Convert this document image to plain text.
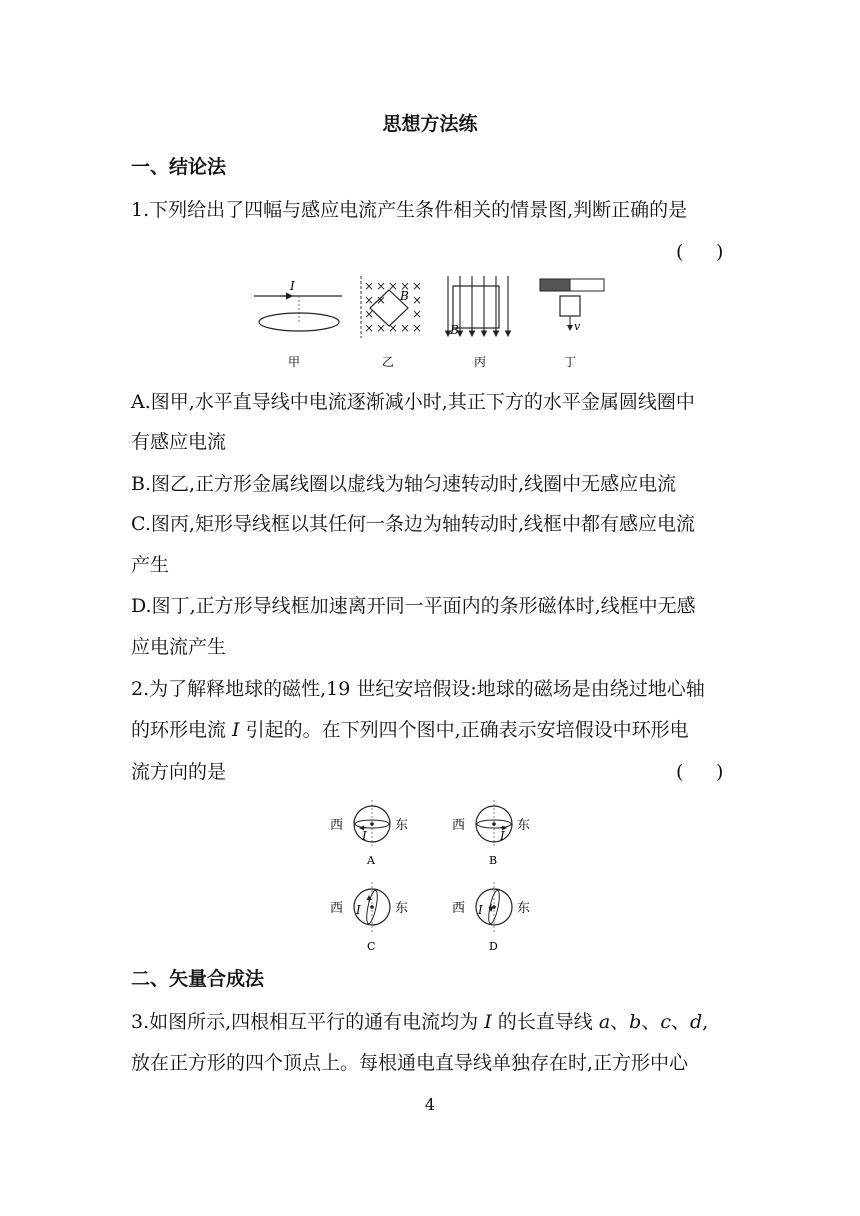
思想方法练
一、结论法
1.下列给出了四幅与感应电流产生条件相关的情景图,判断正确的是
( )
I
甲
× × × × ×
× × ×
×	×
× × × × ×
B
乙
B
丙
v
丁
A.图甲,水平直导线中电流逐渐减小时,其正下方的水平金属圆线圈中
有感应电流
B.图乙,正方形金属线圈以虚线为轴匀速转动时,线圈中无感应电流
C.图丙,矩形导线框以其任何一条边为轴转动时,线框中都有感应电流
产生
D.图丁,正方形导线框加速离开同一平面内的条形磁体时,线框中无感
应电流产生
2.为了解释地球的磁性,19 世纪安培假设:地球的磁场是由绕过地心轴
的环形电流 I 引起的。在下列四个图中,正确表示安培假设中环形电
流方向的是	( )
西	东
I
A
西	东
I
B
西	东
I
C
西	东
I
D
二、矢量合成法
3.如图所示,四根相互平行的通有电流均为 I 的长直导线 a、b、c、d,
放在正方形的四个顶点上。每根通电直导线单独存在时,正方形中心
4
